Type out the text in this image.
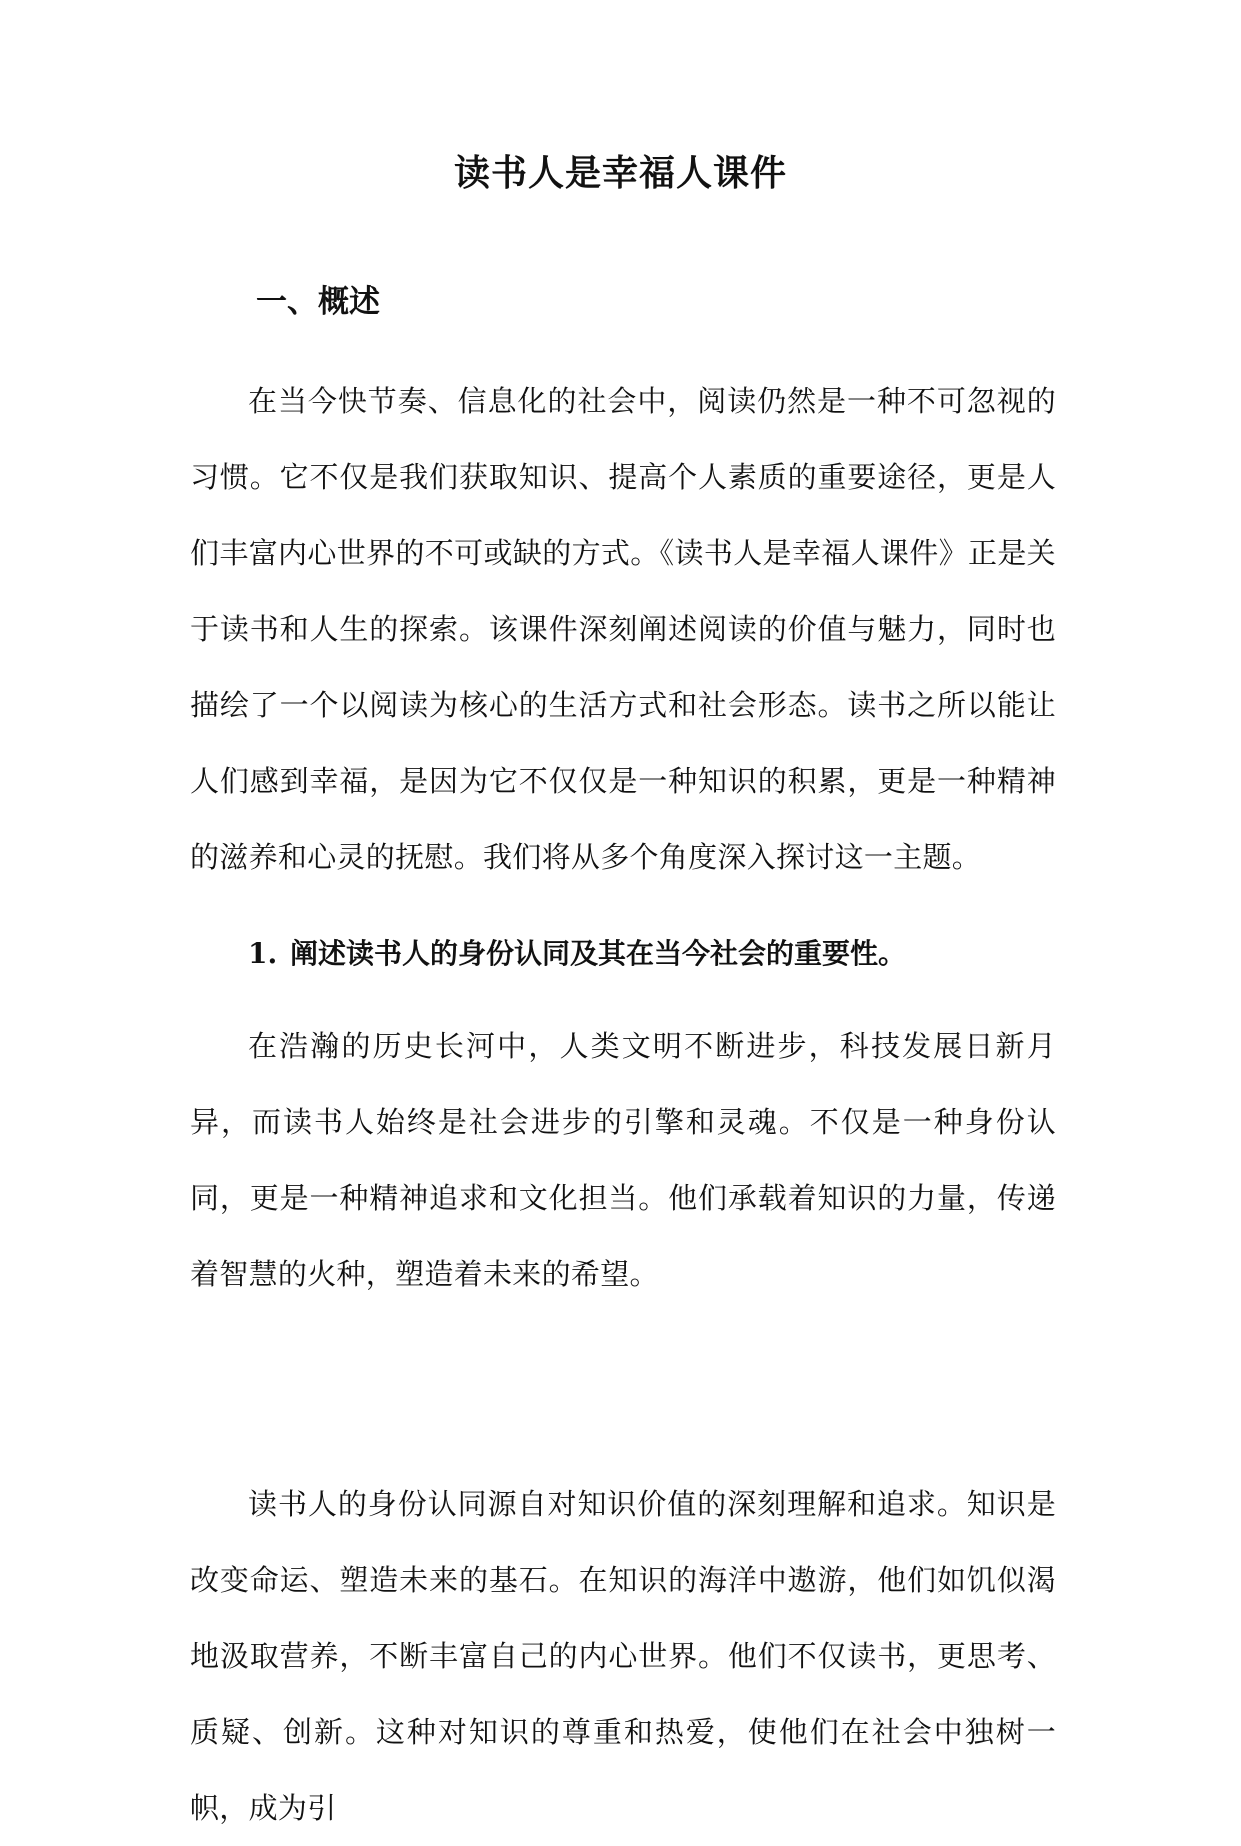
读书人是幸福人课件
一、概述

在当今快节奏、信息化的社会中，阅读仍然是一种不可忽视的习惯。它不仅是我们获取知识、提高个人素质的重要途径，更是人们丰富内心世界的不可或缺的方式。《读书人是幸福人课件》正是关于读书和人生的探索。该课件深刻阐述阅读的价值与魅力，同时也描绘了一个以阅读为核心的生活方式和社会形态。读书之所以能让人们感到幸福，是因为它不仅仅是一种知识的积累，更是一种精神的滋养和心灵的抚慰。我们将从多个角度深入探讨这一主题。

1. 阐述读书人的身份认同及其在当今社会的重要性。

在浩瀚的历史长河中，人类文明不断进步，科技发展日新月异，而读书人始终是社会进步的引擎和灵魂。不仅是一种身份认同，更是一种精神追求和文化担当。他们承载着知识的力量，传递着智慧的火种，塑造着未来的希望。

读书人的身份认同源自对知识价值的深刻理解和追求。知识是改变命运、塑造未来的基石。在知识的海洋中遨游，他们如饥似渴地汲取营养，不断丰富自己的内心世界。他们不仅读书，更思考、质疑、创新。这种对知识的尊重和热爱，使他们在社会中独树一帜，成为引
